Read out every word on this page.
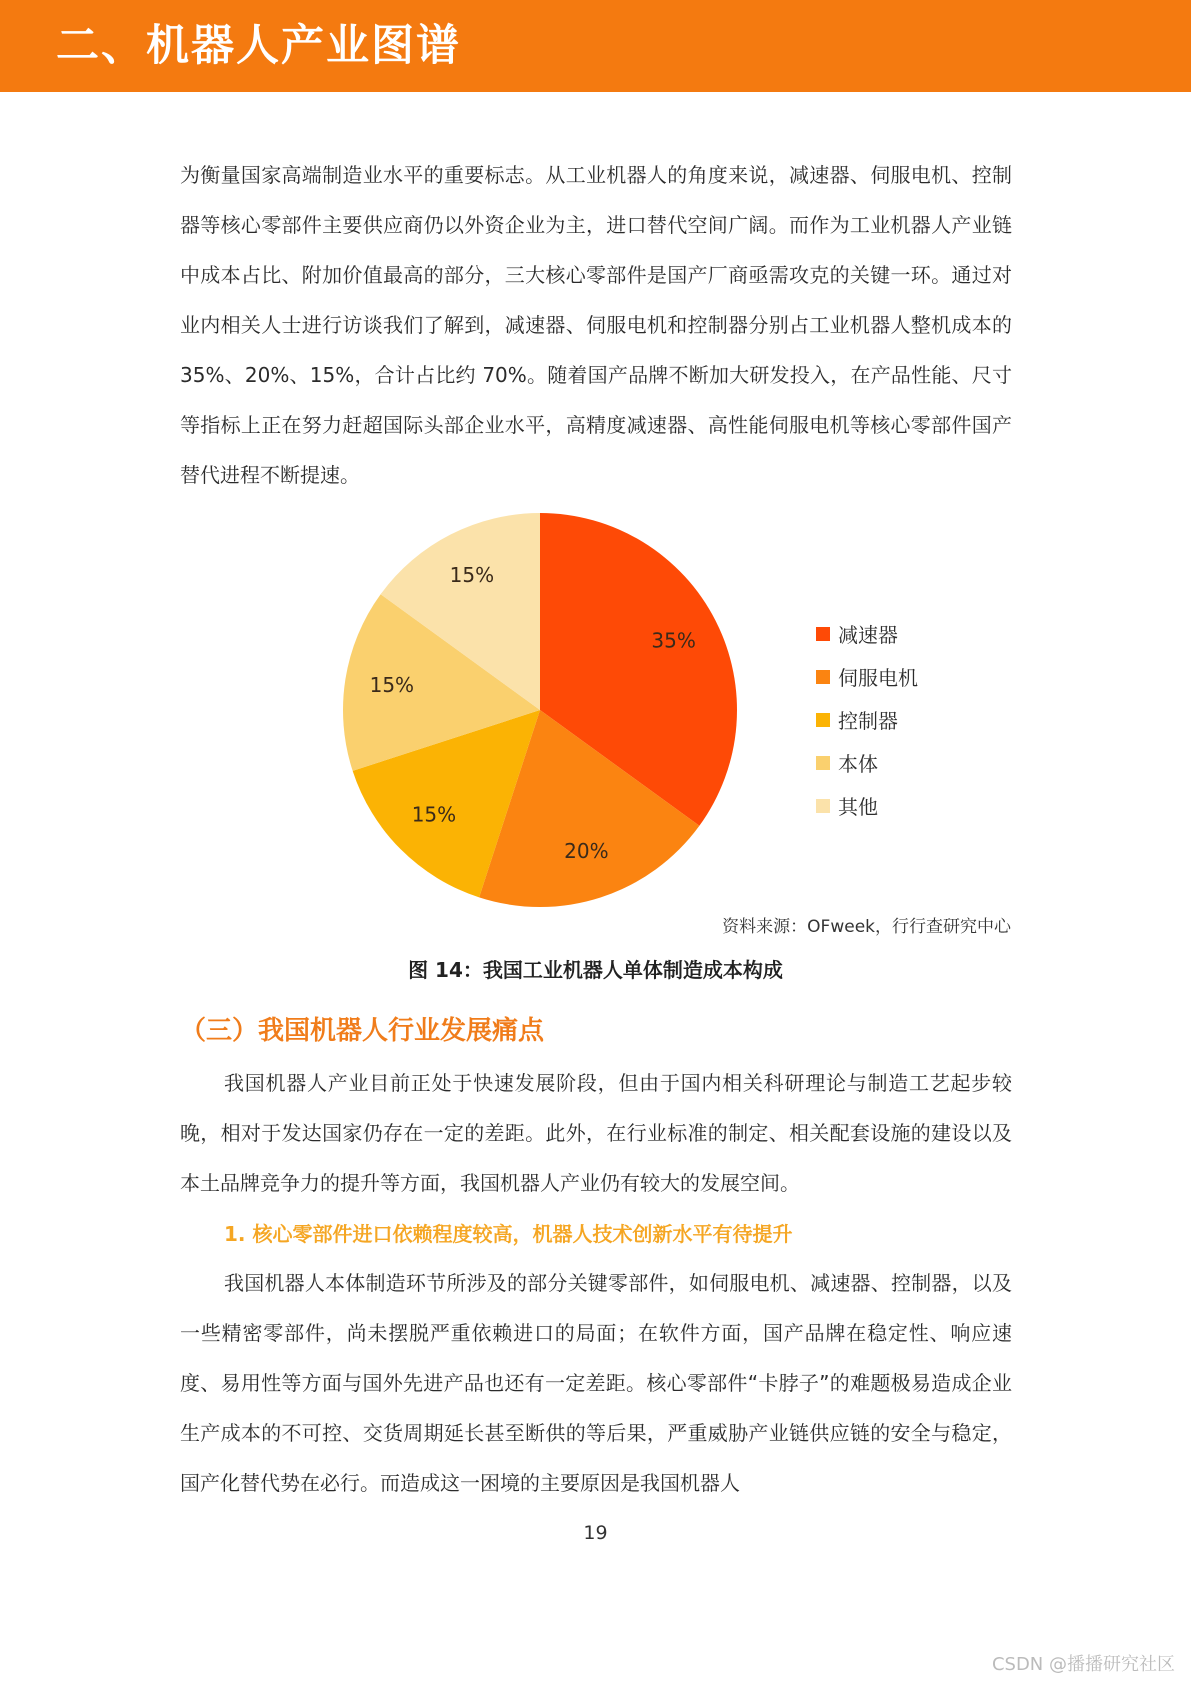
二、机器人产业图谱

为衡量国家高端制造业水平的重要标志。从工业机器人的角度来说，减速器、伺服电机、控制器等核心零部件主要供应商仍以外资企业为主，进口替代空间广阔。而作为工业机器人产业链中成本占比、附加价值最高的部分，三大核心零部件是国产厂商亟需攻克的关键一环。通过对业内相关人士进行访谈我们了解到，减速器、伺服电机和控制器分别占工业机器人整机成本的 35%、20%、15%，合计占比约 70%。随着国产品牌不断加大研发投入，在产品性能、尺寸等指标上正在努力赶超国际头部企业水平，高精度减速器、高性能伺服电机等核心零部件国产替代进程不断提速。

35%
20%
15%
15%
15%
减速器
伺服电机
控制器
本体
其他
资料来源：OFweek，行行查研究中心
图 14：我国工业机器人单体制造成本构成
（三）我国机器人行业发展痛点

我国机器人产业目前正处于快速发展阶段，但由于国内相关科研理论与制造工艺起步较晚，相对于发达国家仍存在一定的差距。此外，在行业标准的制定、相关配套设施的建设以及本土品牌竞争力的提升等方面，我国机器人产业仍有较大的发展空间。

1. 核心零部件进口依赖程度较高，机器人技术创新水平有待提升

我国机器人本体制造环节所涉及的部分关键零部件，如伺服电机、减速器、控制器，以及一些精密零部件，尚未摆脱严重依赖进口的局面；在软件方面，国产品牌在稳定性、响应速度、易用性等方面与国外先进产品也还有一定差距。核心零部件“卡脖子”的难题极易造成企业生产成本的不可控、交货周期延长甚至断供的等后果，严重威胁产业链供应链的安全与稳定，国产化替代势在必行。而造成这一困境的主要原因是我国机器人

19
CSDN @播播研究社区
